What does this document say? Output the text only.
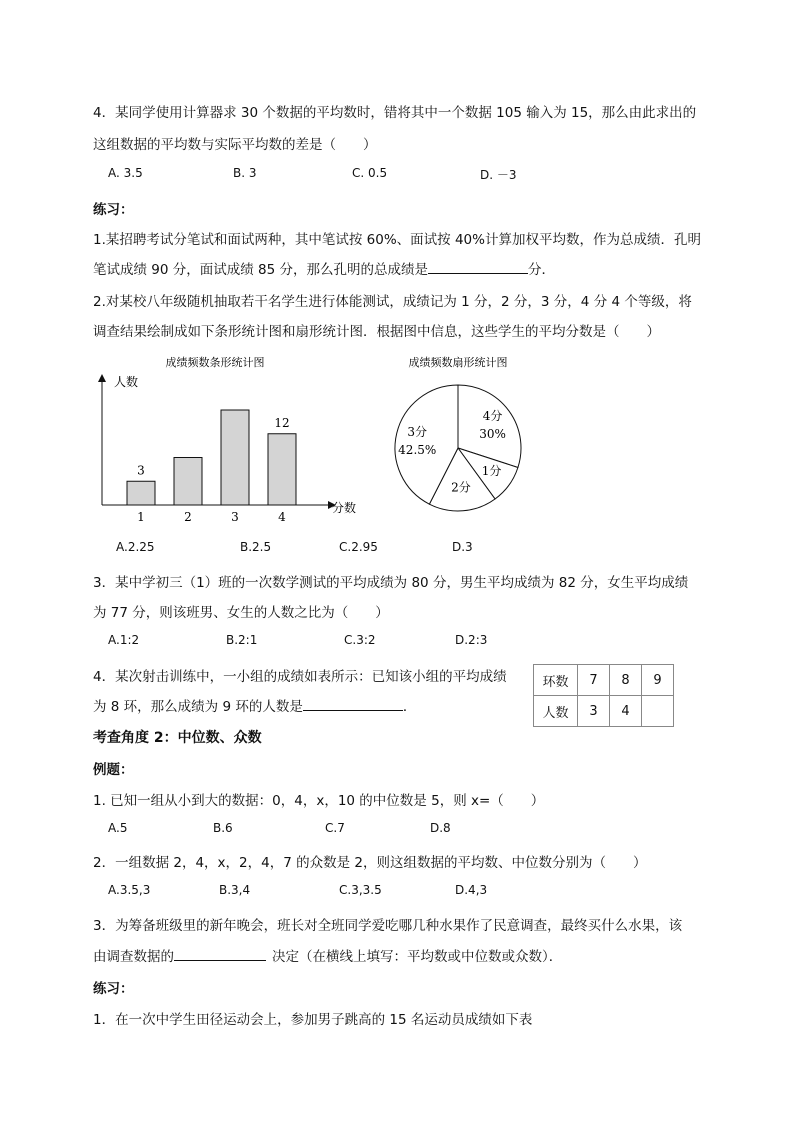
4．某同学使用计算器求 30 个数据的平均数时，错将其中一个数据 105 输入为 15，那么由此求出的
这组数据的平均数与实际平均数的差是（　　）
A. 3.5	B. 3	C. 0.5	D. －3
练习：
1.某招聘考试分笔试和面试两种，其中笔试按 60%、面试按 40%计算加权平均数，作为总成绩．孔明
笔试成绩 90 分，面试成绩 85 分，那么孔明的总成绩是	分．
2.对某校八年级随机抽取若干名学生进行体能测试，成绩记为 1 分，2 分，3 分，4 分 4 个等级，将
调查结果绘制成如下条形统计图和扇形统计图．根据图中信息，这些学生的平均分数是（　　）
成绩频数条形统计图
人数
分数
1
3
2	3	4
12
成绩频数扇形统计图
4分
30%
1分
2分
3分
42.5%
A.2.25	B.2.5	C.2.95	D.3
3．某中学初三（1）班的一次数学测试的平均成绩为 80 分，男生平均成绩为 82 分，女生平均成绩
为 77 分，则该班男、女生的人数之比为（　　）
A.1:2	B.2:1	C.3:2	D.2:3
4．某次射击训练中，一小组的成绩如表所示：已知该小组的平均成绩
为 8 环，那么成绩为 9 环的人数是	．
环数	7	8	9
人数	3	4	
考查角度 2：中位数、众数
例题：
1. 已知一组从小到大的数据：0，4，x，10 的中位数是 5，则 x=（　　）
A.5	B.6	C.7	D.8
2．一组数据 2，4，x，2，4，7 的众数是 2，则这组数据的平均数、中位数分别为（　　）
A.3.5,3	B.3,4	C.3,3.5	D.4,3
3．为筹备班级里的新年晚会，班长对全班同学爱吃哪几种水果作了民意调查，最终买什么水果，该
由调查数据的	决定（在横线上填写：平均数或中位数或众数）．
练习：
1．在一次中学生田径运动会上，参加男子跳高的 15 名运动员成绩如下表
